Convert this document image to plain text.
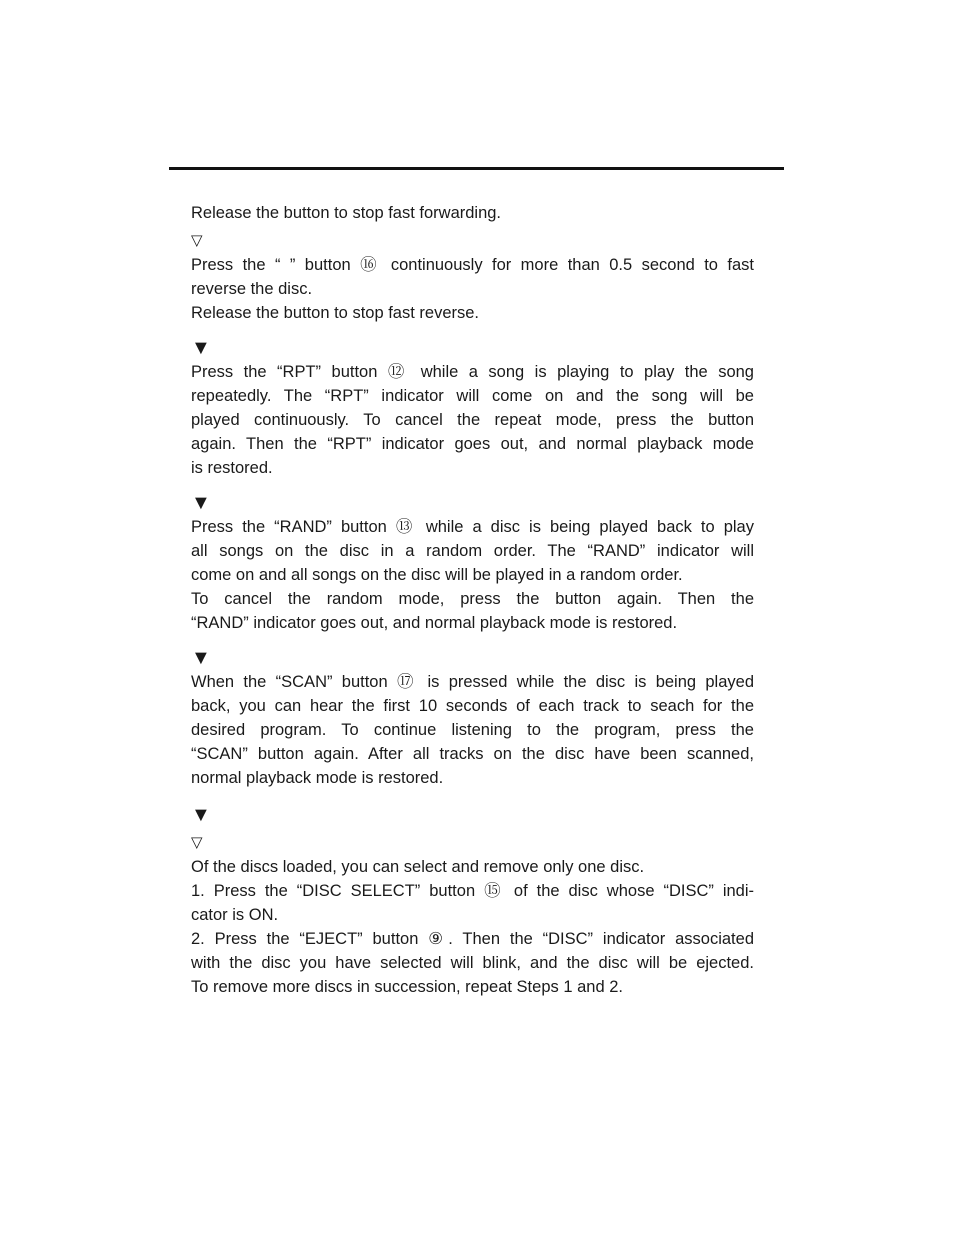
Release the button to stop fast forwarding.
▽
Press the “ ” button ⑯ continuously for more than 0.5 second to fast
reverse the disc.
Release the button to stop fast reverse.
▼
Press the “RPT” button ⑫ while a song is playing to play the song
repeatedly. The “RPT” indicator will come on and the song will be
played continuously. To cancel the repeat mode, press the button
again. Then the “RPT” indicator goes out, and normal playback mode
is restored.
▼
Press the “RAND” button ⑬ while a disc is being played back to play
all songs on the disc in a random order. The “RAND” indicator will
come on and all songs on the disc will be played in a random order.
To cancel the random mode, press the button again. Then the
“RAND” indicator goes out, and normal playback mode is restored.
▼
When the “SCAN” button ⑰ is pressed while the disc is being played
back, you can hear the first 10 seconds of each track to seach for the
desired program. To continue listening to the program, press the
“SCAN” button again. After all tracks on the disc have been scanned,
normal playback mode is restored.
▼
▽
Of the discs loaded, you can select and remove only one disc.
1. Press the “DISC SELECT” button ⑮ of the disc whose “DISC” indi-
cator is ON.
2. Press the “EJECT” button ⑨. Then the “DISC” indicator associated
with the disc you have selected will blink, and the disc will be ejected.
To remove more discs in succession, repeat Steps 1 and 2.
